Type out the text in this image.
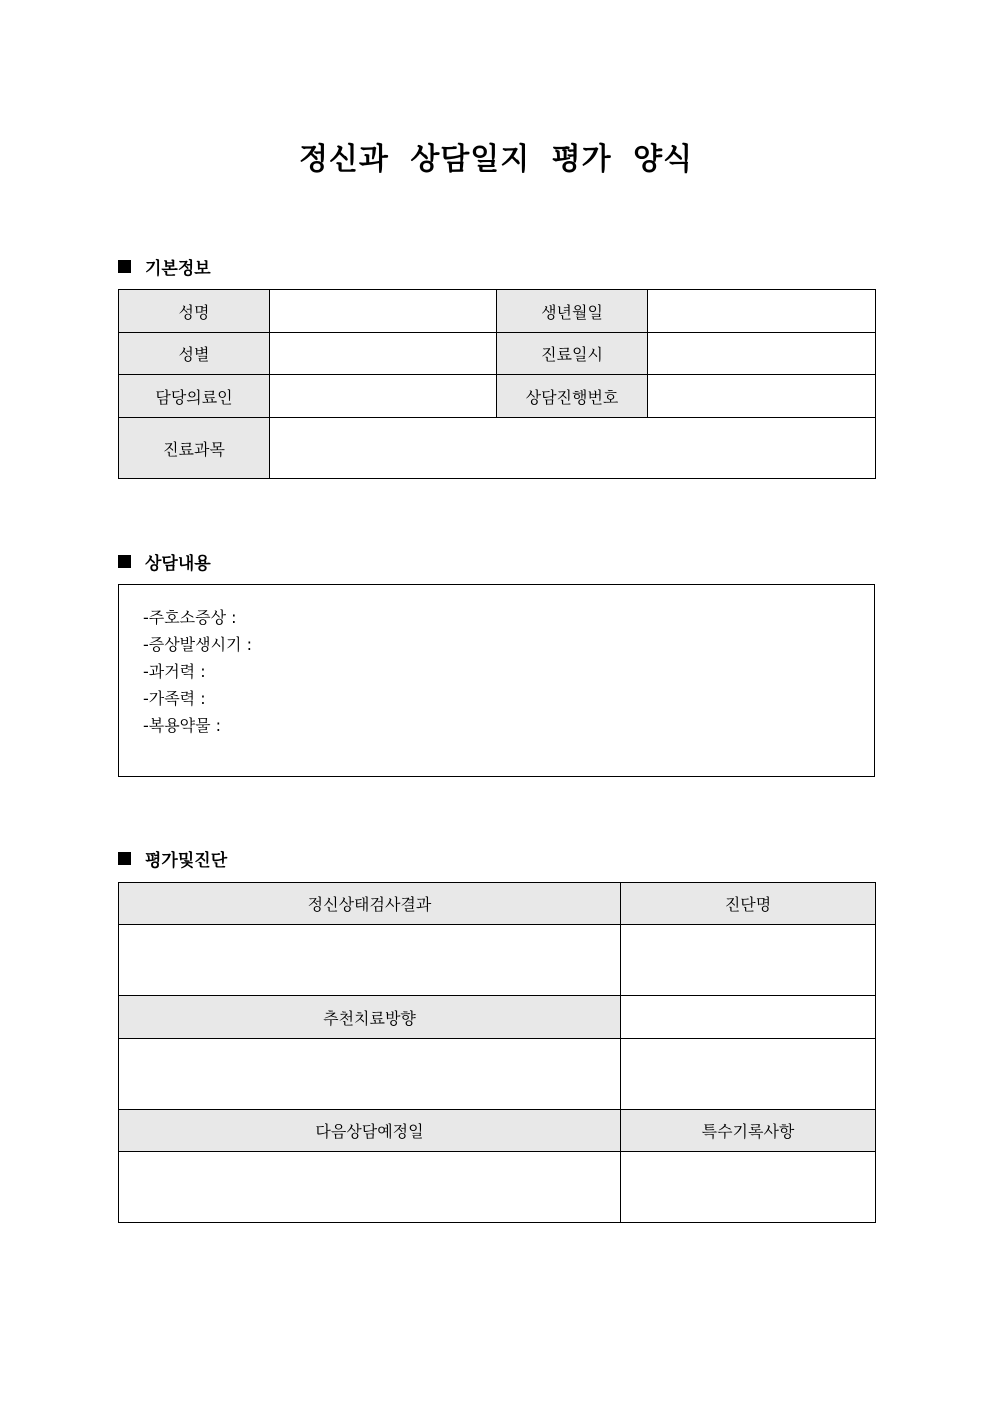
정신과 상담일지 평가 양식
기본정보
성명		생년월일	
성별		진료일시	
담당의료인		상담진행번호	
진료과목			
상담내용
-주호소증상 :
-증상발생시기 :
-과거력 :
-가족력 :
-복용약물 :
평가및진단
정신상태검사결과	진단명

추천치료방향	

다음상담예정일	특수기록사항
